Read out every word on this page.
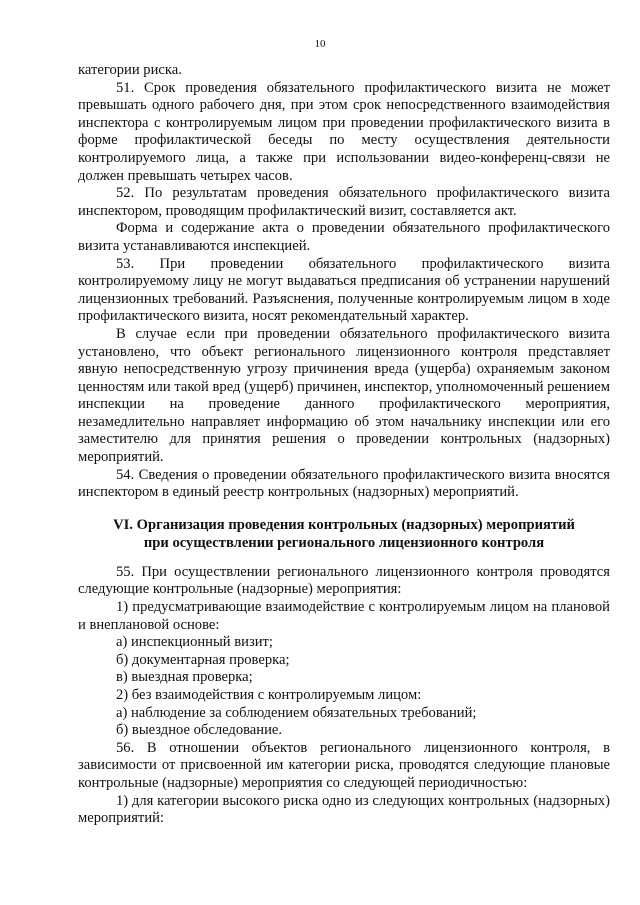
10

категории риска.

51. Срок проведения обязательного профилактического визита не может превышать одного рабочего дня, при этом срок непосредственного взаимодействия инспектора с контролируемым лицом при проведении профилактического визита в форме профилактической беседы по месту осуществления деятельности контролируемого лица, а также при использовании видео-конференц-связи не должен превышать четырех часов.

52. По результатам проведения обязательного профилактического визита инспектором, проводящим профилактический визит, составляется акт.

Форма и содержание акта о проведении обязательного профилактического визита устанавливаются инспекцией.

53. При проведении обязательного профилактического визита контролируемому лицу не могут выдаваться предписания об устранении нарушений лицензионных требований. Разъяснения, полученные контролируемым лицом в ходе профилактического визита, носят рекомендательный характер.

В случае если при проведении обязательного профилактического визита установлено, что объект регионального лицензионного контроля представляет явную непосредственную угрозу причинения вреда (ущерба) охраняемым законом ценностям или такой вред (ущерб) причинен, инспектор, уполномоченный решением инспекции на проведение данного профилактического мероприятия, незамедлительно направляет информацию об этом начальнику инспекции или его заместителю для принятия решения о проведении контрольных (надзорных) мероприятий.

54. Сведения о проведении обязательного профилактического визита вносятся инспектором в единый реестр контрольных (надзорных) мероприятий.

VI. Организация проведения контрольных (надзорных) мероприятий
при осуществлении регионального лицензионного контроля

55. При осуществлении регионального лицензионного контроля проводятся следующие контрольные (надзорные) мероприятия:

1) предусматривающие взаимодействие с контролируемым лицом на плановой и внеплановой основе:

а) инспекционный визит;

б) документарная проверка;

в) выездная проверка;

2) без взаимодействия с контролируемым лицом:

а) наблюдение за соблюдением обязательных требований;

б) выездное обследование.

56. В отношении объектов регионального лицензионного контроля, в зависимости от присвоенной им категории риска, проводятся следующие плановые контрольные (надзорные) мероприятия со следующей периодичностью:

1) для категории высокого риска одно из следующих контрольных (надзорных) мероприятий:
